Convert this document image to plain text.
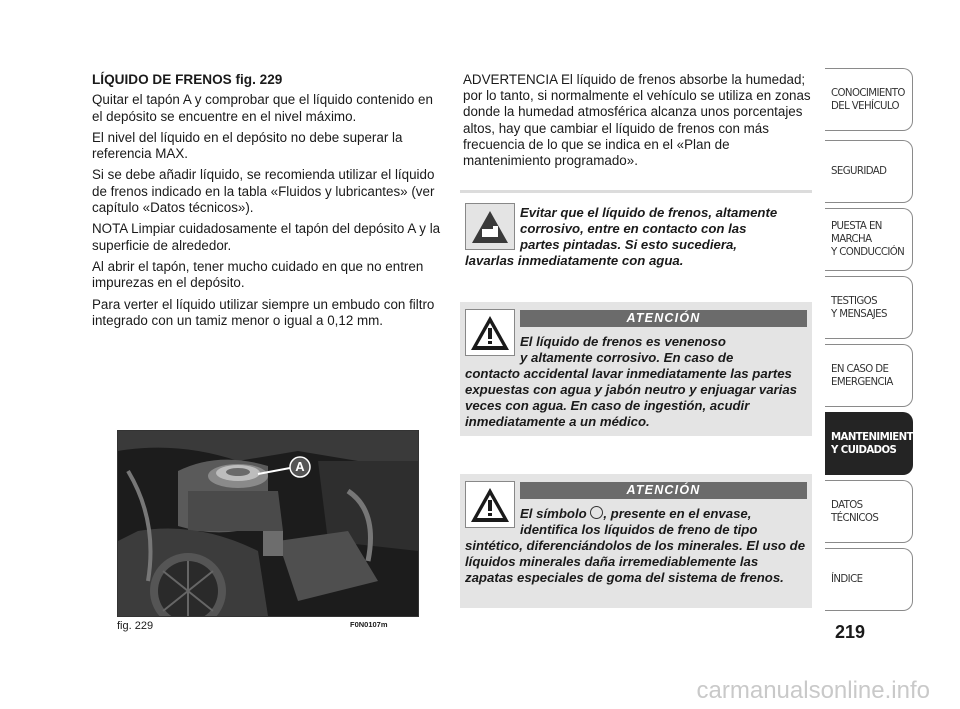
LÍQUIDO DE FRENOS fig. 229

Quitar el tapón A y comprobar que el líquido contenido en el depósito se encuentre en el nivel máximo.

El nivel del líquido en el depósito no debe superar la referencia MAX.

Si se debe añadir líquido, se recomienda utilizar el líquido de frenos indicado en la tabla «Fluidos y lubricantes» (ver capítulo «Datos técnicos»).

NOTA Limpiar cuidadosamente el tapón del depósito A y la superficie de alrededor.

Al abrir el tapón, tener mucho cuidado en que no entren impurezas en el depósito.

Para verter el líquido utilizar siempre un embudo con filtro integrado con un tamiz menor o igual a 0,12 mm.

ADVERTENCIA El líquido de frenos absorbe la humedad; por lo tanto, si normalmente el vehículo se utiliza en zonas donde la humedad atmosférica alcanza unos porcentajes altos, hay que cambiar el líquido de frenos con más frecuencia de lo que se indica en el «Plan de mantenimiento programado».

Evitar que el líquido de frenos, altamente

corrosivo, entre en contacto con las
partes pintadas. Si esto sucediera,
lavarlas inmediatamente con agua.
ATENCIÓN
El líquido de frenos es venenoso

y altamente corrosivo. En caso de
contacto accidental lavar inmediatamente las partes expuestas con agua y jabón neutro y enjuagar varias veces con agua. En caso de ingestión, acudir inmediatamente a un médico.
ATENCIÓN
El símbolo , presente en el envase,

identifica los líquidos de freno de tipo
sintético, diferenciándolos de los minerales. El uso de líquidos minerales daña irremediablemente las zapatas especiales de goma del sistema de frenos.
A
fig. 229	F0N0107m
CONOCIMIENTO
DEL VEHÍCULO
SEGURIDAD
PUESTA EN
MARCHA
Y CONDUCCIÓN
TESTIGOS
Y MENSAJES
EN CASO DE
EMERGENCIA
MANTENIMIENTO
Y CUIDADOS
DATOS
TÉCNICOS
ÍNDICE
219
carmanualsonline.info
